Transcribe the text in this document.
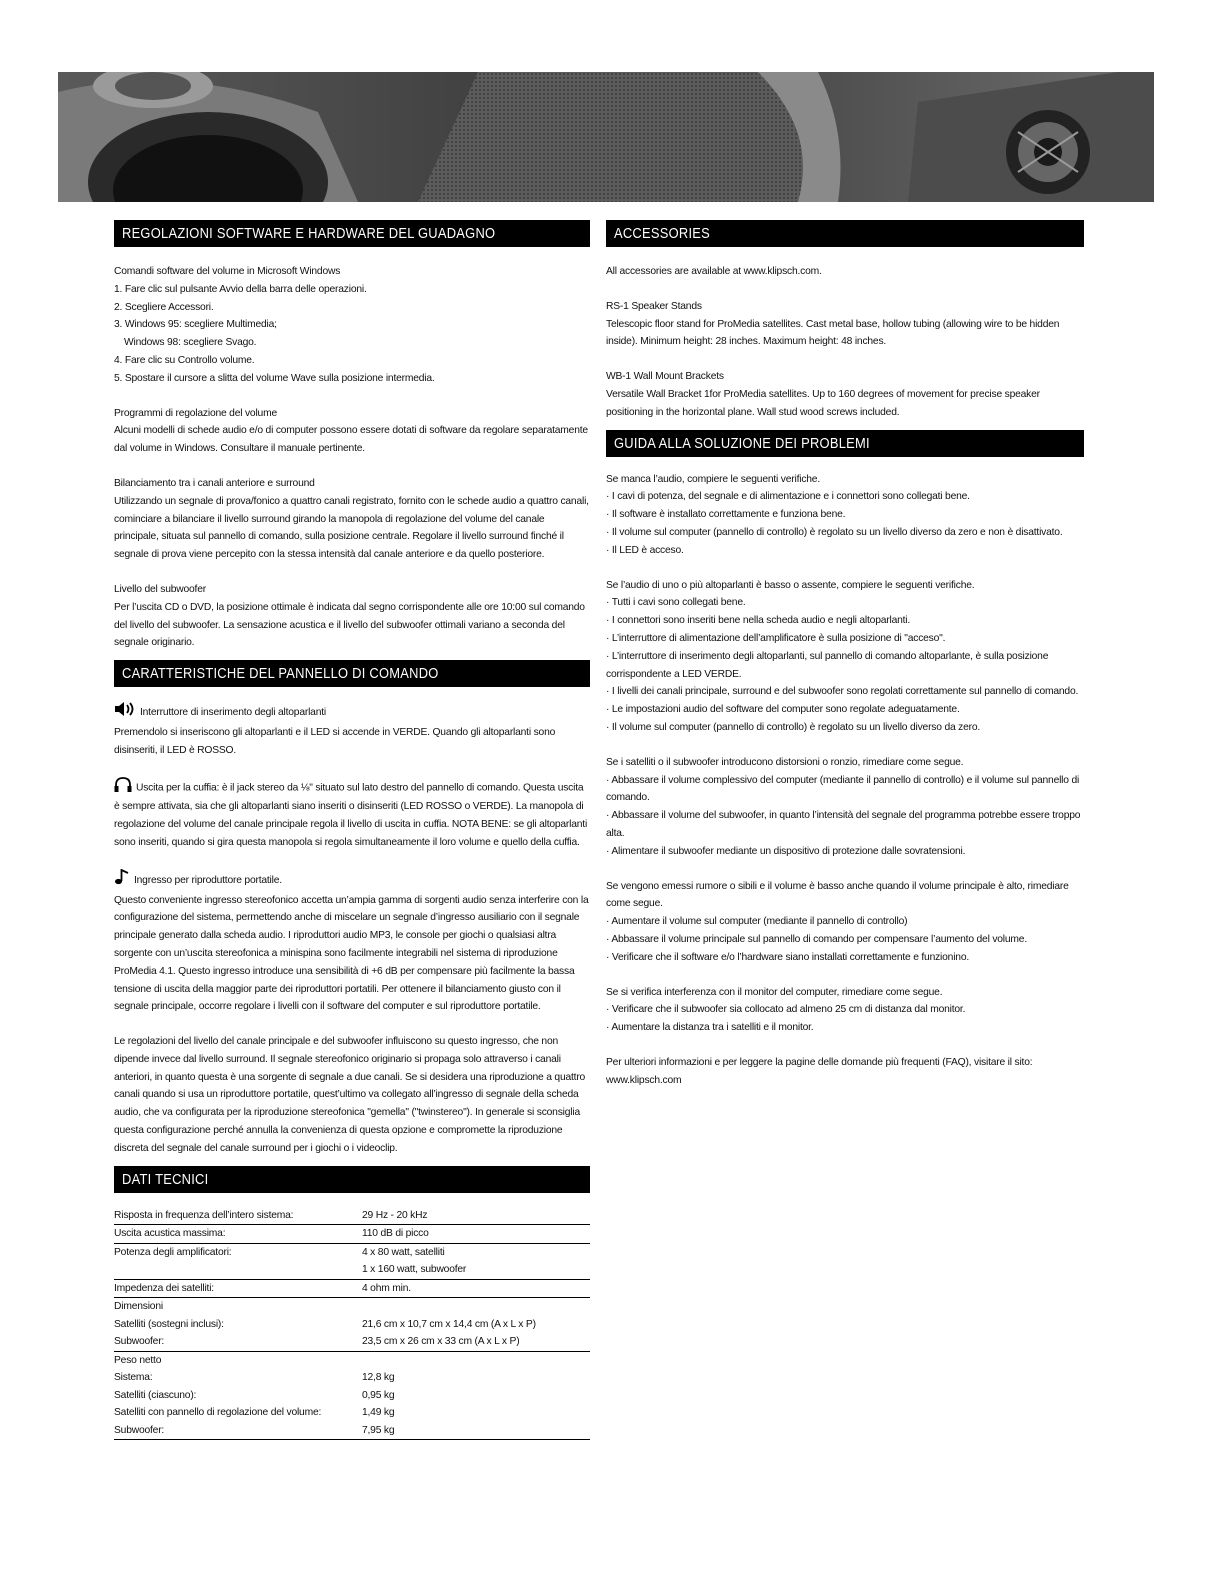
REGOLAZIONI SOFTWARE E HARDWARE DEL GUADAGNO

Comandi software del volume in Microsoft Windows

1. Fare clic sul pulsante Avvio della barra delle operazioni.

2. Scegliere Accessori.

3. Windows 95: scegliere Multimedia;

Windows 98: scegliere Svago.

4. Fare clic su Controllo volume.

5. Spostare il cursore a slitta del volume Wave sulla posizione intermedia.

Programmi di regolazione del volume

Alcuni modelli di schede audio e/o di computer possono essere dotati di software da regolare separatamente dal volume in Windows. Consultare il manuale pertinente.

Bilanciamento tra i canali anteriore e surround

Utilizzando un segnale di prova/fonico a quattro canali registrato, fornito con le schede audio a quattro canali, cominciare a bilanciare il livello surround girando la manopola di regolazione del volume del canale principale, situata sul pannello di comando, sulla posizione centrale. Regolare il livello surround finché il segnale di prova viene percepito con la stessa intensità dal canale anteriore e da quello posteriore.

Livello del subwoofer

Per l’uscita CD o DVD, la posizione ottimale è indicata dal segno corrispondente alle ore 10:00 sul comando del livello del subwoofer. La sensazione acustica e il livello del subwoofer ottimali variano a seconda del segnale originario.

CARATTERISTICHE DEL PANNELLO DI COMANDO

Interruttore di inserimento degli altoparlanti

Premendolo si inseriscono gli altoparlanti e il LED si accende in VERDE. Quando gli altoparlanti sono disinseriti, il LED è ROSSO.

Uscita per la cuffia: è il jack stereo da ⅛" situato sul lato destro del pannello di comando. Questa uscita è sempre attivata, sia che gli altoparlanti siano inseriti o disinseriti (LED ROSSO o VERDE). La manopola di regolazione del volume del canale principale regola il livello di uscita in cuffia. NOTA BENE: se gli altoparlanti sono inseriti, quando si gira questa manopola si regola simultaneamente il loro volume e quello della cuffia.

Ingresso per riproduttore portatile.

Questo conveniente ingresso stereofonico accetta un’ampia gamma di sorgenti audio senza interferire con la configurazione del sistema, permettendo anche di miscelare un segnale d’ingresso ausiliario con il segnale principale generato dalla scheda audio. I riproduttori audio MP3, le console per giochi o qualsiasi altra sorgente con un’uscita stereofonica a minispina sono facilmente integrabili nel sistema di riproduzione ProMedia 4.1. Questo ingresso introduce una sensibilità di +6 dB per compensare più facilmente la bassa tensione di uscita della maggior parte dei riproduttori portatili. Per ottenere il bilanciamento giusto con il segnale principale, occorre regolare i livelli con il software del computer e sul riproduttore portatile.

Le regolazioni del livello del canale principale e del subwoofer influiscono su questo ingresso, che non dipende invece dal livello surround. Il segnale stereofonico originario si propaga solo attraverso i canali anteriori, in quanto questa è una sorgente di segnale a due canali. Se si desidera una riproduzione a quattro canali quando si usa un riproduttore portatile, quest’ultimo va collegato all’ingresso di segnale della scheda audio, che va configurata per la riproduzione stereofonica "gemella" ("twinstereo"). In generale si sconsiglia questa configurazione perché annulla la convenienza di questa opzione e compromette la riproduzione discreta del segnale del canale surround per i giochi o i videoclip.

DATI TECNICI
Risposta in frequenza dell’intero sistema:	29 Hz - 20 kHz
Uscita acustica massima:	110 dB di picco
Potenza degli amplificatori:	4 x 80 watt, satelliti
	1 x 160 watt, subwoofer
Impedenza dei satelliti:	4 ohm min.
Dimensioni	
Satelliti (sostegni inclusi):	21,6 cm x 10,7 cm x 14,4 cm (A x L x P)
Subwoofer:	23,5 cm x 26 cm x 33 cm (A x L x P)
Peso netto	
Sistema:	12,8 kg
Satelliti (ciascuno):	0,95 kg
Satelliti con pannello di regolazione del volume:	1,49 kg
Subwoofer:	7,95 kg
ACCESSORIES

All accessories are available at www.klipsch.com.

RS-1 Speaker Stands

Telescopic floor stand for ProMedia satellites. Cast metal base, hollow tubing (allowing wire to be hidden inside). Minimum height: 28 inches. Maximum height: 48 inches.

WB-1 Wall Mount Brackets

Versatile Wall Bracket 1for ProMedia satellites. Up to 160 degrees of movement for precise speaker positioning in the horizontal plane. Wall stud wood screws included.

GUIDA ALLA SOLUZIONE DEI PROBLEMI

Se manca l’audio, compiere le seguenti verifiche.

· I cavi di potenza, del segnale e di alimentazione e i connettori sono collegati bene.

· Il software è installato correttamente e funziona bene.

· Il volume sul computer (pannello di controllo) è regolato su un livello diverso da zero e non è disattivato.

· Il LED è acceso.

Se l’audio di uno o più altoparlanti è basso o assente, compiere le seguenti verifiche.

· Tutti i cavi sono collegati bene.

· I connettori sono inseriti bene nella scheda audio e negli altoparlanti.

· L’interruttore di alimentazione dell’amplificatore è sulla posizione di "acceso".

· L’interruttore di inserimento degli altoparlanti, sul pannello di comando altoparlante, è sulla posizione corrispondente a LED VERDE.

· I livelli dei canali principale, surround e del subwoofer sono regolati correttamente sul pannello di comando.

· Le impostazioni audio del software del computer sono regolate adeguatamente.

· Il volume sul computer (pannello di controllo) è regolato su un livello diverso da zero.

Se i satelliti o il subwoofer introducono distorsioni o ronzio, rimediare come segue.

· Abbassare il volume complessivo del computer (mediante il pannello di controllo) e il volume sul pannello di comando.

· Abbassare il volume del subwoofer, in quanto l’intensità del segnale del programma potrebbe essere troppo alta.

· Alimentare il subwoofer mediante un dispositivo di protezione dalle sovratensioni.

Se vengono emessi rumore o sibili e il volume è basso anche quando il volume principale è alto, rimediare come segue.

· Aumentare il volume sul computer (mediante il pannello di controllo)

· Abbassare il volume principale sul pannello di comando per compensare l’aumento del volume.

· Verificare che il software e/o l’hardware siano installati correttamente e funzionino.

Se si verifica interferenza con il monitor del computer, rimediare come segue.

· Verificare che il subwoofer sia collocato ad almeno 25 cm di distanza dal monitor.

· Aumentare la distanza tra i satelliti e il monitor.

Per ulteriori informazioni e per leggere la pagine delle domande più frequenti (FAQ), visitare il sito: www.klipsch.com
